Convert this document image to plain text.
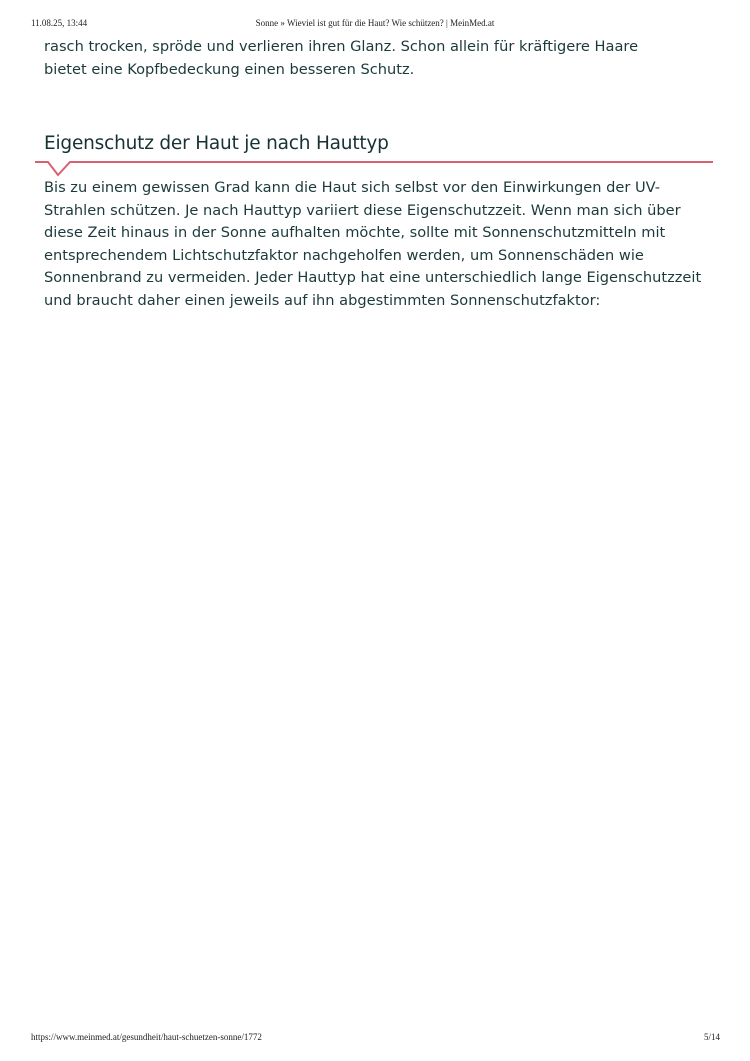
11.08.25, 13:44	Sonne » Wieviel ist gut für die Haut? Wie schützen? | MeinMed.at

rasch trocken, spröde und verlieren ihren Glanz. Schon allein für kräftigere Haare bietet eine Kopfbedeckung einen besseren Schutz.

Eigenschutz der Haut je nach Hauttyp

Bis zu einem gewissen Grad kann die Haut sich selbst vor den Einwirkungen der UV-Strahlen schützen. Je nach Hauttyp variiert diese Eigenschutzzeit. Wenn man sich über diese Zeit hinaus in der Sonne aufhalten möchte, sollte mit Sonnenschutzmitteln mit entsprechendem Lichtschutzfaktor nachgeholfen werden, um Sonnenschäden wie Sonnenbrand zu vermeiden. Jeder Hauttyp hat eine unterschiedlich lange Eigenschutzzeit und braucht daher einen jeweils auf ihn abgestimmten Sonnenschutzfaktor:

https://www.meinmed.at/gesundheit/haut-schuetzen-sonne/1772	5/14
